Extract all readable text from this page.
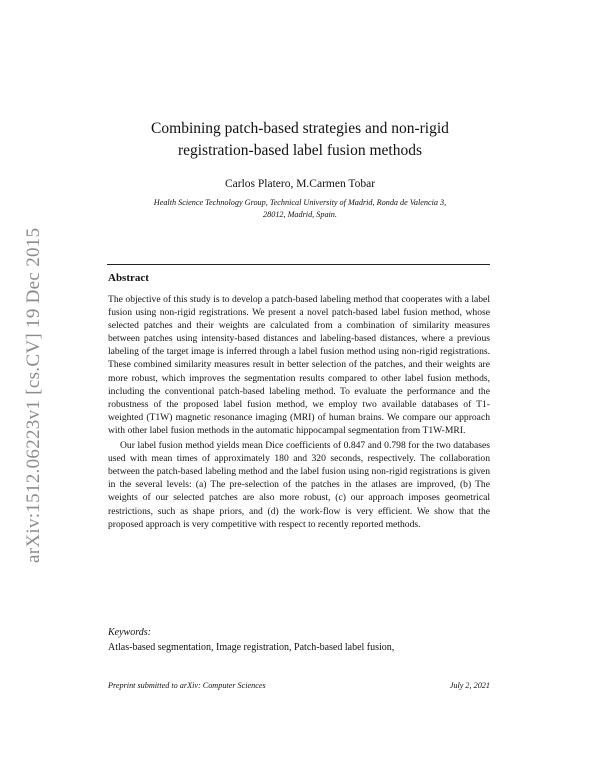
arXiv:1512.06223v1 [cs.CV] 19 Dec 2015
Combining patch-based strategies and non-rigid
registration-based label fusion methods
Carlos Platero, M.Carmen Tobar
Health Science Technology Group, Technical University of Madrid, Ronda de Valencia 3,
28012, Madrid, Spain.
Abstract

The objective of this study is to develop a patch-based labeling method that cooperates with a label fusion using non-rigid registrations. We present a novel patch-based label fusion method, whose selected patches and their weights are calculated from a combination of similarity measures between patches using intensity-based distances and labeling-based distances, where a previous labeling of the target image is inferred through a label fusion method using non-rigid registrations. These combined similarity measures result in better selection of the patches, and their weights are more robust, which improves the segmentation results compared to other label fusion methods, including the conventional patch-based labeling method. To evaluate the performance and the robustness of the proposed label fusion method, we employ two available databases of T1-weighted (T1W) magnetic resonance imaging (MRI) of human brains. We compare our approach with other label fusion methods in the automatic hippocampal segmentation from T1W-MRI.

Our label fusion method yields mean Dice coefficients of 0.847 and 0.798 for the two databases used with mean times of approximately 180 and 320 seconds, respectively. The collaboration between the patch-based labeling method and the label fusion using non-rigid registrations is given in the several levels: (a) The pre-selection of the patches in the atlases are improved, (b) The weights of our selected patches are also more robust, (c) our approach imposes geometrical restrictions, such as shape priors, and (d) the work-flow is very efficient. We show that the proposed approach is very competitive with respect to recently reported methods.

Keywords:
Atlas-based segmentation, Image registration, Patch-based label fusion,
Preprint submitted to arXiv: Computer Sciences	July 2, 2021
